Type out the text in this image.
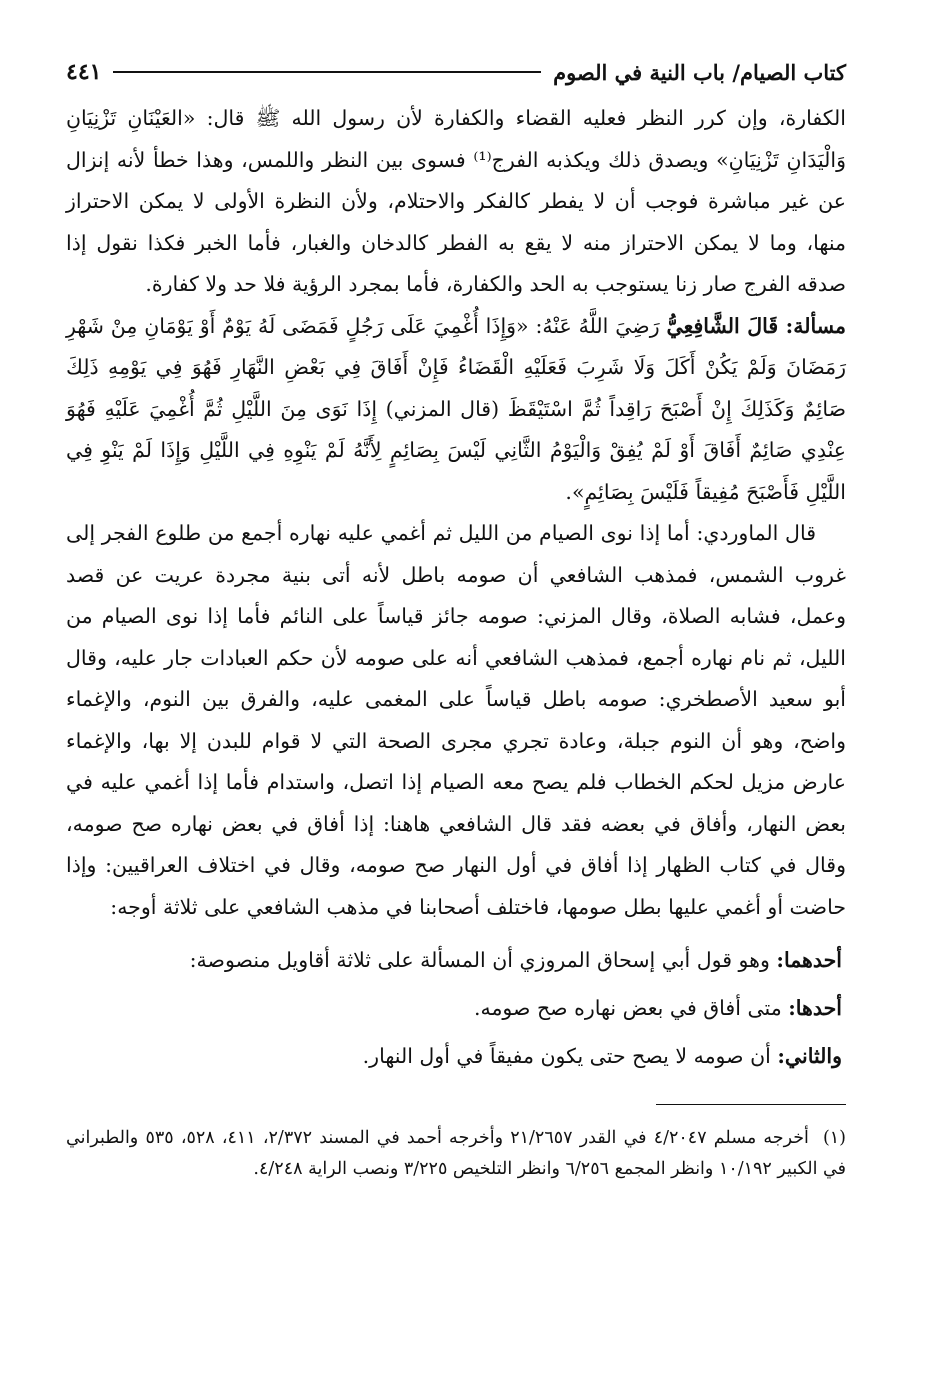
كتاب الصيام/ باب النية في الصوم
٤٤١

الكفارة، وإن كرر النظر فعليه القضاء والكفارة لأن رسول الله ﷺ قال: «العَيْنَانِ تَزْنِيَانِ وَالْيَدَانِ تَزْنِيَانِ» ويصدق ذلك ويكذبه الفرج⁽¹⁾ فسوى بين النظر واللمس، وهذا خطأ لأنه إنزال عن غير مباشرة فوجب أن لا يفطر كالفكر والاحتلام، ولأن النظرة الأولى لا يمكن الاحتراز منها، وما لا يمكن الاحتراز منه لا يقع به الفطر كالدخان والغبار، فأما الخبر فكذا نقول إذا صدقه الفرج صار زنا يستوجب به الحد والكفارة، فأما بمجرد الرؤية فلا حد ولا كفارة.

مسألة: قَالَ الشَّافِعِيُّ رَضِيَ اللَّهُ عَنْهُ: «وَإِذَا أُغْمِيَ عَلَى رَجُلٍ فَمَضَى لَهُ يَوْمٌ أَوْ يَوْمَانِ مِنْ شَهْرِ رَمَضَانَ وَلَمْ يَكُنْ أَكَلَ وَلَا شَرِبَ فَعَلَيْهِ الْقَضَاءُ فَإِنْ أَفَاقَ فِي بَعْضِ النَّهَارِ فَهُوَ فِي يَوْمِهِ ذَلِكَ صَائِمٌ وَكَذَلِكَ إِنْ أَصْبَحَ رَاقِداً ثُمَّ اسْتَيْقَظَ (قال المزني) إِذَا نَوَى مِنَ اللَّيْلِ ثُمَّ أُغْمِيَ عَلَيْهِ فَهُوَ عِنْدِي صَائِمٌ أَفَاقَ أَوْ لَمْ يُفِقْ وَالْيَوْمُ الثَّانِي لَيْسَ بِصَائِمٍ لِأَنَّهُ لَمْ يَنْوِهِ فِي اللَّيْلِ وَإِذَا لَمْ يَنْوِ فِي اللَّيْلِ فَأَصْبَحَ مُفِيقاً فَلَيْسَ بِصَائِمٍ».

قال الماوردي: أما إذا نوى الصيام من الليل ثم أغمي عليه نهاره أجمع من طلوع الفجر إلى غروب الشمس، فمذهب الشافعي أن صومه باطل لأنه أتى بنية مجردة عريت عن قصد وعمل، فشابه الصلاة، وقال المزني: صومه جائز قياساً على النائم فأما إذا نوى الصيام من الليل، ثم نام نهاره أجمع، فمذهب الشافعي أنه على صومه لأن حكم العبادات جار عليه، وقال أبو سعيد الأصطخري: صومه باطل قياساً على المغمى عليه، والفرق بين النوم، والإغماء واضح، وهو أن النوم جبلة، وعادة تجري مجرى الصحة التي لا قوام للبدن إلا بها، والإغماء عارض مزيل لحكم الخطاب فلم يصح معه الصيام إذا اتصل، واستدام فأما إذا أغمي عليه في بعض النهار، وأفاق في بعضه فقد قال الشافعي هاهنا: إذا أفاق في بعض نهاره صح صومه، وقال في كتاب الظهار إذا أفاق في أول النهار صح صومه، وقال في اختلاف العراقيين: وإذا حاضت أو أغمي عليها بطل صومها، فاختلف أصحابنا في مذهب الشافعي على ثلاثة أوجه:

أحدهما: وهو قول أبي إسحاق المروزي أن المسألة على ثلاثة أقاويل منصوصة:

أحدها: متى أفاق في بعض نهاره صح صومه.

والثاني: أن صومه لا يصح حتى يكون مفيقاً في أول النهار.

(١)أخرجه مسلم ٤/٢٠٤٧ في القدر ٢١/٢٦٥٧ وأخرجه أحمد في المسند ٢/٣٧٢، ٤١١، ٥٢٨، ٥٣٥ والطبراني في الكبير ١٠/١٩٢ وانظر المجمع ٦/٢٥٦ وانظر التلخيص ٣/٢٢٥ ونصب الراية ٤/٢٤٨.
